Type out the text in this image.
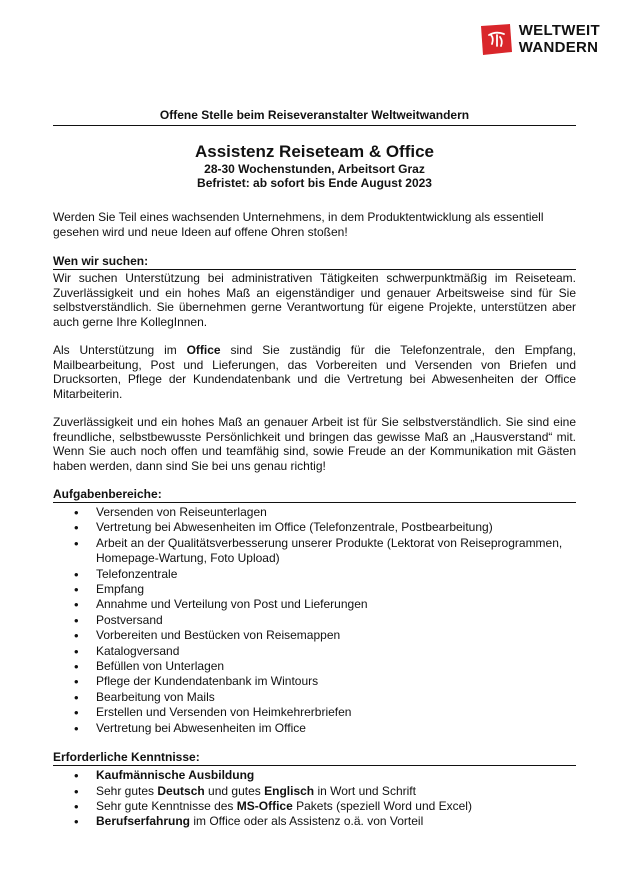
WELTWEIT
WANDERN
Offene Stelle beim Reiseveranstalter Weltweitwandern
Assistenz Reiseteam & Office
28-30 Wochenstunden, Arbeitsort Graz
Befristet: ab sofort bis Ende August 2023
Werden Sie Teil eines wachsenden Unternehmens, in dem Produktentwicklung als essentiell gesehen wird und neue Ideen auf offene Ohren stoßen!
Wen wir suchen:
Wir suchen Unterstützung bei administrativen Tätigkeiten schwerpunktmäßig im Reiseteam. Zuverlässigkeit und ein hohes Maß an eigenständiger und genauer Arbeitsweise sind für Sie selbstverständlich. Sie übernehmen gerne Verantwortung für eigene Projekte, unterstützen aber auch gerne Ihre KollegInnen.
Als Unterstützung im Office sind Sie zuständig für die Telefonzentrale, den Empfang, Mailbearbeitung, Post und Lieferungen, das Vorbereiten und Versenden von Briefen und Drucksorten, Pflege der Kundendatenbank und die Vertretung bei Abwesenheiten der Office Mitarbeiterin.
Zuverlässigkeit und ein hohes Maß an genauer Arbeit ist für Sie selbstverständlich. Sie sind eine freundliche, selbstbewusste Persönlichkeit und bringen das gewisse Maß an „Hausverstand“ mit. Wenn Sie auch noch offen und teamfähig sind, sowie Freude an der Kommunikation mit Gästen haben werden, dann sind Sie bei uns genau richtig!
Aufgabenbereiche:
• Versenden von Reiseunterlagen
• Vertretung bei Abwesenheiten im Office (Telefonzentrale, Postbearbeitung)
• Arbeit an der Qualitätsverbesserung unserer Produkte (Lektorat von Reiseprogrammen, Homepage-Wartung, Foto Upload)
• Telefonzentrale
• Empfang
• Annahme und Verteilung von Post und Lieferungen
• Postversand
• Vorbereiten und Bestücken von Reisemappen
• Katalogversand
• Befüllen von Unterlagen
• Pflege der Kundendatenbank im Wintours
• Bearbeitung von Mails
• Erstellen und Versenden von Heimkehrerbriefen
• Vertretung bei Abwesenheiten im Office
Erforderliche Kenntnisse:
• Kaufmännische Ausbildung
• Sehr gutes Deutsch und gutes Englisch in Wort und Schrift
• Sehr gute Kenntnisse des MS-Office Pakets (speziell Word und Excel)
• Berufserfahrung im Office oder als Assistenz o.ä. von Vorteil
